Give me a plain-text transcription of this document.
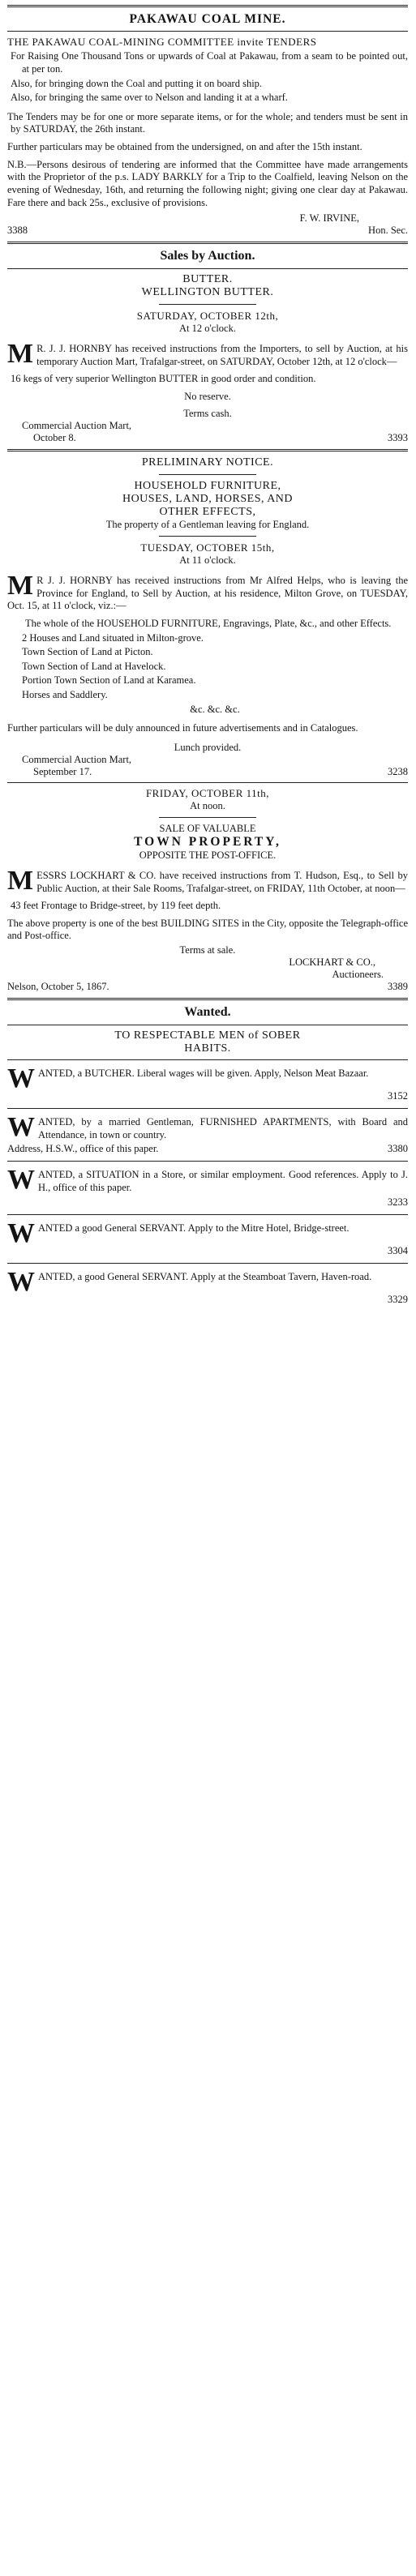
PAKAWAU COAL MINE.

THE PAKAWAU COAL-MINING COMMITTEE invite TENDERS

For Raising One Thousand Tons or upwards of Coal at Pakawau, from a seam to be pointed out, at per ton.

Also, for bringing down the Coal and putting it on board ship.

Also, for bringing the same over to Nelson and landing it at a wharf.

The Tenders may be for one or more separate items, or for the whole; and tenders must be sent in by SATURDAY, the 26th instant.

Further particulars may be obtained from the undersigned, on and after the 15th instant.

N.B.—Persons desirous of tendering are informed that the Committee have made arrangements with the Proprietor of the p.s. LADY BARKLY for a Trip to the Coalfield, leaving Nelson on the evening of Wednesday, 16th, and returning the following night; giving one clear day at Pakawau. Fare there and back 25s., exclusive of provisions.

F. W. IRVINE,
3388	Hon. Sec.
Sales by Auction.
BUTTER.
WELLINGTON BUTTER.
SATURDAY, OCTOBER 12th,
At 12 o'clock.
M R. J. J. HORNBY has received instructions from the Importers, to sell by Auction, at his temporary Auction Mart, Trafalgar-street, on SATURDAY, October 12th, at 12 o'clock—

16 kegs of very superior Wellington BUTTER in good order and condition.

No reserve.
Terms cash.
Commercial Auction Mart,
October 8.	3393
PRELIMINARY NOTICE.
HOUSEHOLD FURNITURE,
HOUSES, LAND, HORSES, AND
OTHER EFFECTS,
The property of a Gentleman leaving for England.
TUESDAY, OCTOBER 15th,
At 11 o'clock.
M R J. J. HORNBY has received instructions from Mr Alfred Helps, who is leaving the Province for England, to Sell by Auction, at his residence, Milton Grove, on TUESDAY, Oct. 15, at 11 o'clock, viz.:—

The whole of the HOUSEHOLD FURNITURE, Engravings, Plate, &c., and other Effects.

2 Houses and Land situated in Milton-grove.

Town Section of Land at Picton.

Town Section of Land at Havelock.

Portion Town Section of Land at Karamea.

Horses and Saddlery.

&c. &c. &c.

Further particulars will be duly announced in future advertisements and in Catalogues.

Lunch provided.
Commercial Auction Mart,
September 17.	3238
FRIDAY, OCTOBER 11th,
At noon.
SALE OF VALUABLE
TOWN PROPERTY,
OPPOSITE THE POST-OFFICE.
M ESSRS LOCKHART & CO. have received instructions from T. Hudson, Esq., to Sell by Public Auction, at their Sale Rooms, Trafalgar-street, on FRIDAY, 11th October, at noon—

43 feet Frontage to Bridge-street, by 119 feet depth.

The above property is one of the best BUILDING SITES in the City, opposite the Telegraph-office and Post-office.

Terms at sale.
LOCKHART & CO.,
Auctioneers.
Nelson, October 5, 1867.	3389
Wanted.
TO RESPECTABLE MEN of SOBER
HABITS.
W ANTED, a BUTCHER. Liberal wages will be given. Apply, Nelson Meat Bazaar.

3152
W ANTED, by a married Gentleman, FURNISHED APARTMENTS, with Board and Attendance, in town or country.

Address, H.S.W., office of this paper.	3380
W ANTED, a SITUATION in a Store, or similar employment. Good references. Apply to J. H., office of this paper.

3233
W ANTED a good General SERVANT. Apply to the Mitre Hotel, Bridge-street.

3304
W ANTED, a good General SERVANT. Apply at the Steamboat Tavern, Haven-road.

3329
